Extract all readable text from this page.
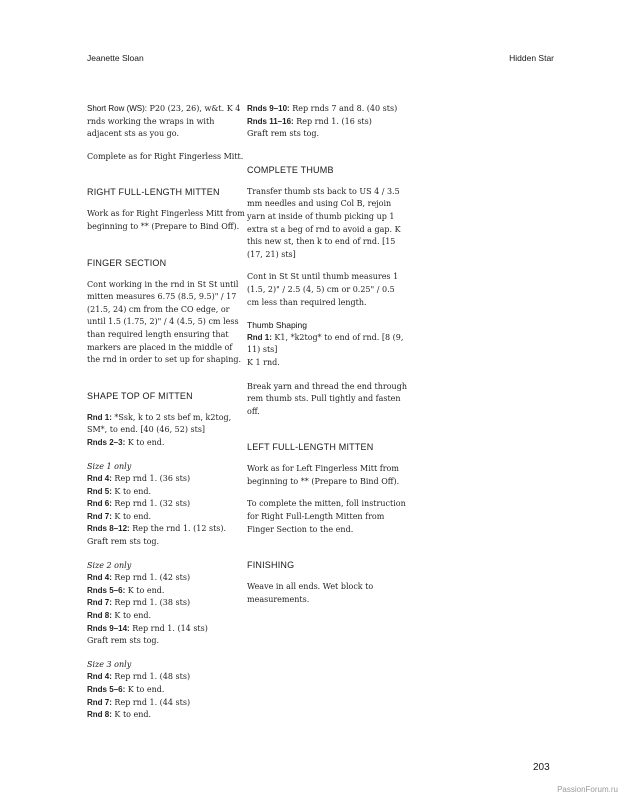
Jeanette Sloan	Hidden Star

Short Row (WS): P20 (23, 26), w&t. K 4 rnds working the wraps in with adjacent sts as you go.

Complete as for Right Fingerless Mitt.

RIGHT FULL-LENGTH MITTEN

Work as for Right Fingerless Mitt from beginning to ** (Prepare to Bind Off).

FINGER SECTION

Cont working in the rnd in St St until mitten measures 6.75 (8.5, 9.5)" / 17 (21.5, 24) cm from the CO edge, or until 1.5 (1.75, 2)" / 4 (4.5, 5) cm less than required length ensuring that markers are placed in the middle of the rnd in order to set up for shaping.

SHAPE TOP OF MITTEN
Rnd 1: *Ssk, k to 2 sts bef m, k2tog, SM*, to end. [40 (46, 52) sts]
Rnds 2–3: K to end.
Size 1 only
Rnd 4: Rep rnd 1. (36 sts)
Rnd 5: K to end.
Rnd 6: Rep rnd 1. (32 sts)
Rnd 7: K to end.
Rnds 8–12: Rep the rnd 1. (12 sts).
Graft rem sts tog.
Size 2 only
Rnd 4: Rep rnd 1. (42 sts)
Rnds 5–6: K to end.
Rnd 7: Rep rnd 1. (38 sts)
Rnd 8: K to end.
Rnds 9–14: Rep rnd 1. (14 sts)
Graft rem sts tog.
Size 3 only
Rnd 4: Rep rnd 1. (48 sts)
Rnds 5–6: K to end.
Rnd 7: Rep rnd 1. (44 sts)
Rnd 8: K to end.
Rnds 9–10: Rep rnds 7 and 8. (40 sts)
Rnds 11–16: Rep rnd 1. (16 sts)
Graft rem sts tog.
COMPLETE THUMB

Transfer thumb sts back to US 4 / 3.5 mm needles and using Col B, rejoin yarn at inside of thumb picking up 1 extra st a beg of rnd to avoid a gap. K this new st, then k to end of rnd. [15 (17, 21) sts]

Cont in St St until thumb measures 1 (1.5, 2)" / 2.5 (4, 5) cm or 0.25" / 0.5 cm less than required length.

Thumb Shaping
Rnd 1: K1, *k2tog* to end of rnd. [8 (9, 11) sts]
K 1 rnd.

Break yarn and thread the end through rem thumb sts. Pull tightly and fasten off.

LEFT FULL-LENGTH MITTEN

Work as for Left Fingerless Mitt from beginning to ** (Prepare to Bind Off).

To complete the mitten, foll instruction for Right Full-Length Mitten from Finger Section to the end.

FINISHING

Weave in all ends. Wet block to measurements.

203
PassionForum.ru
